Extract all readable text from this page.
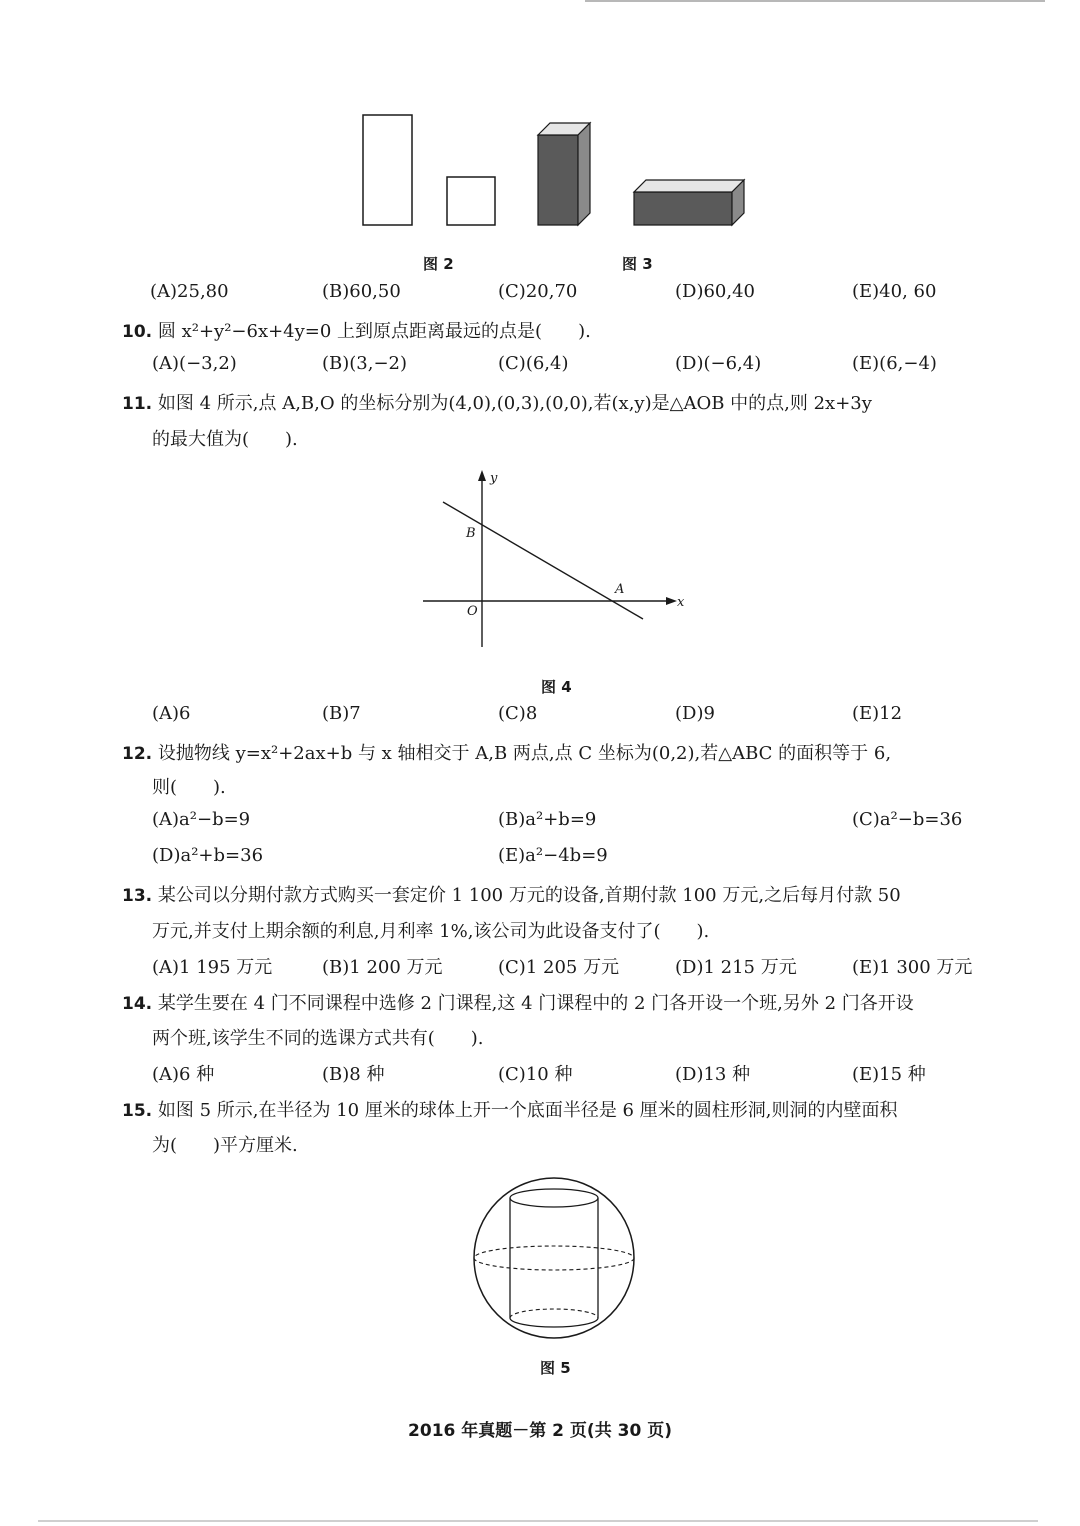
图 2	图 3
(A)25,80	(B)60,50	(C)20,70	(D)60,40	(E)40, 60
10. 圆 x²+y²−6x+4y=0 上到原点距离最远的点是(　　).
(A)(−3,2)	(B)(3,−2)	(C)(6,4)	(D)(−6,4)	(E)(6,−4)
11. 如图 4 所示,点 A,B,O 的坐标分别为(4,0),(0,3),(0,0),若(x,y)是△AOB 中的点,则 2x+3y
的最大值为(　　).
y
x
B
A
O
图 4
(A)6	(B)7	(C)8	(D)9	(E)12
12. 设抛物线 y=x²+2ax+b 与 x 轴相交于 A,B 两点,点 C 坐标为(0,2),若△ABC 的面积等于 6,
则(　　).
(A)a²−b=9	(B)a²+b=9	(C)a²−b=36
(D)a²+b=36	(E)a²−4b=9
13. 某公司以分期付款方式购买一套定价 1 100 万元的设备,首期付款 100 万元,之后每月付款 50
万元,并支付上期余额的利息,月利率 1%,该公司为此设备支付了(　　).
(A)1 195 万元	(B)1 200 万元	(C)1 205 万元	(D)1 215 万元	(E)1 300 万元
14. 某学生要在 4 门不同课程中选修 2 门课程,这 4 门课程中的 2 门各开设一个班,另外 2 门各开设
两个班,该学生不同的选课方式共有(　　).
(A)6 种	(B)8 种	(C)10 种	(D)13 种	(E)15 种
15. 如图 5 所示,在半径为 10 厘米的球体上开一个底面半径是 6 厘米的圆柱形洞,则洞的内壁面积
为(　　)平方厘米.
图 5
2016 年真题－第 2 页(共 30 页)
